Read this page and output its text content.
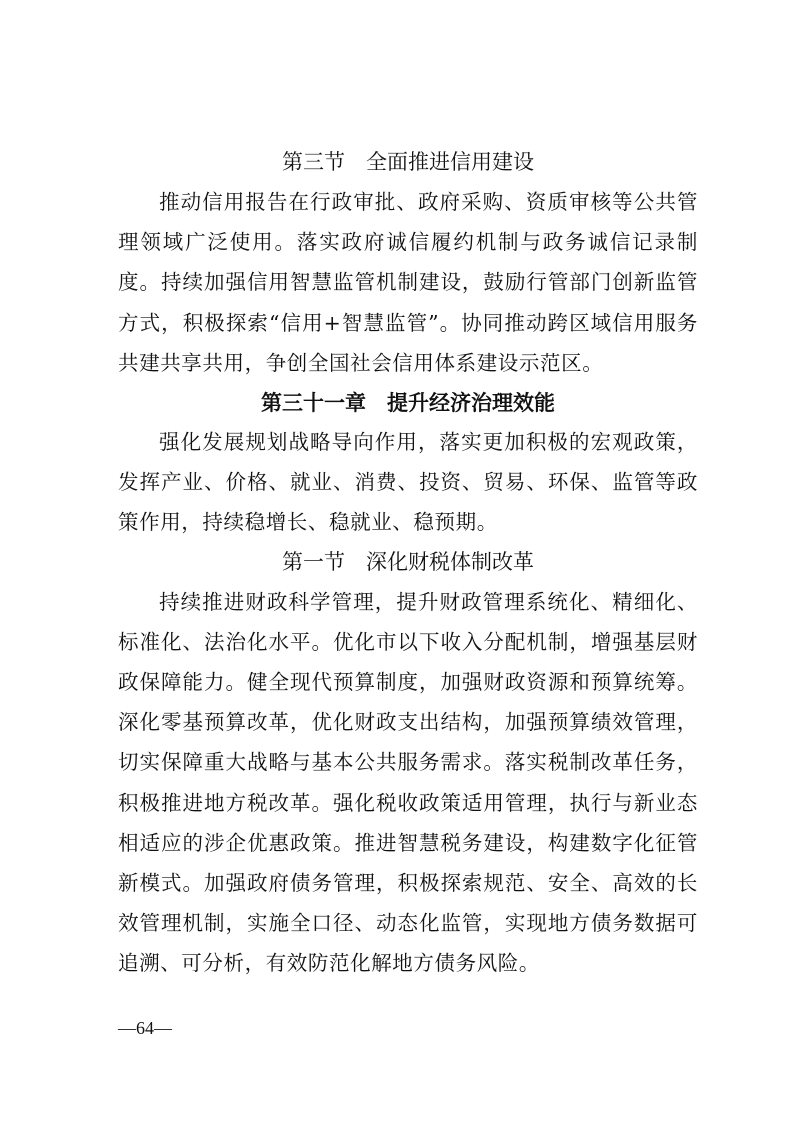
第三节　全面推进信用建设

推动信用报告在行政审批、政府采购、资质审核等公共管理领域广泛使用。落实政府诚信履约机制与政务诚信记录制度。持续加强信用智慧监管机制建设，鼓励行管部门创新监管方式，积极探索“信用+智慧监管”。协同推动跨区域信用服务共建共享共用，争创全国社会信用体系建设示范区。

第三十一章　提升经济治理效能

强化发展规划战略导向作用，落实更加积极的宏观政策，发挥产业、价格、就业、消费、投资、贸易、环保、监管等政策作用，持续稳增长、稳就业、稳预期。

第一节　深化财税体制改革

持续推进财政科学管理，提升财政管理系统化、精细化、标准化、法治化水平。优化市以下收入分配机制，增强基层财政保障能力。健全现代预算制度，加强财政资源和预算统筹。深化零基预算改革，优化财政支出结构，加强预算绩效管理，切实保障重大战略与基本公共服务需求。落实税制改革任务，积极推进地方税改革。强化税收政策适用管理，执行与新业态相适应的涉企优惠政策。推进智慧税务建设，构建数字化征管新模式。加强政府债务管理，积极探索规范、安全、高效的长效管理机制，实施全口径、动态化监管，实现地方债务数据可追溯、可分析，有效防范化解地方债务风险。

—64—
